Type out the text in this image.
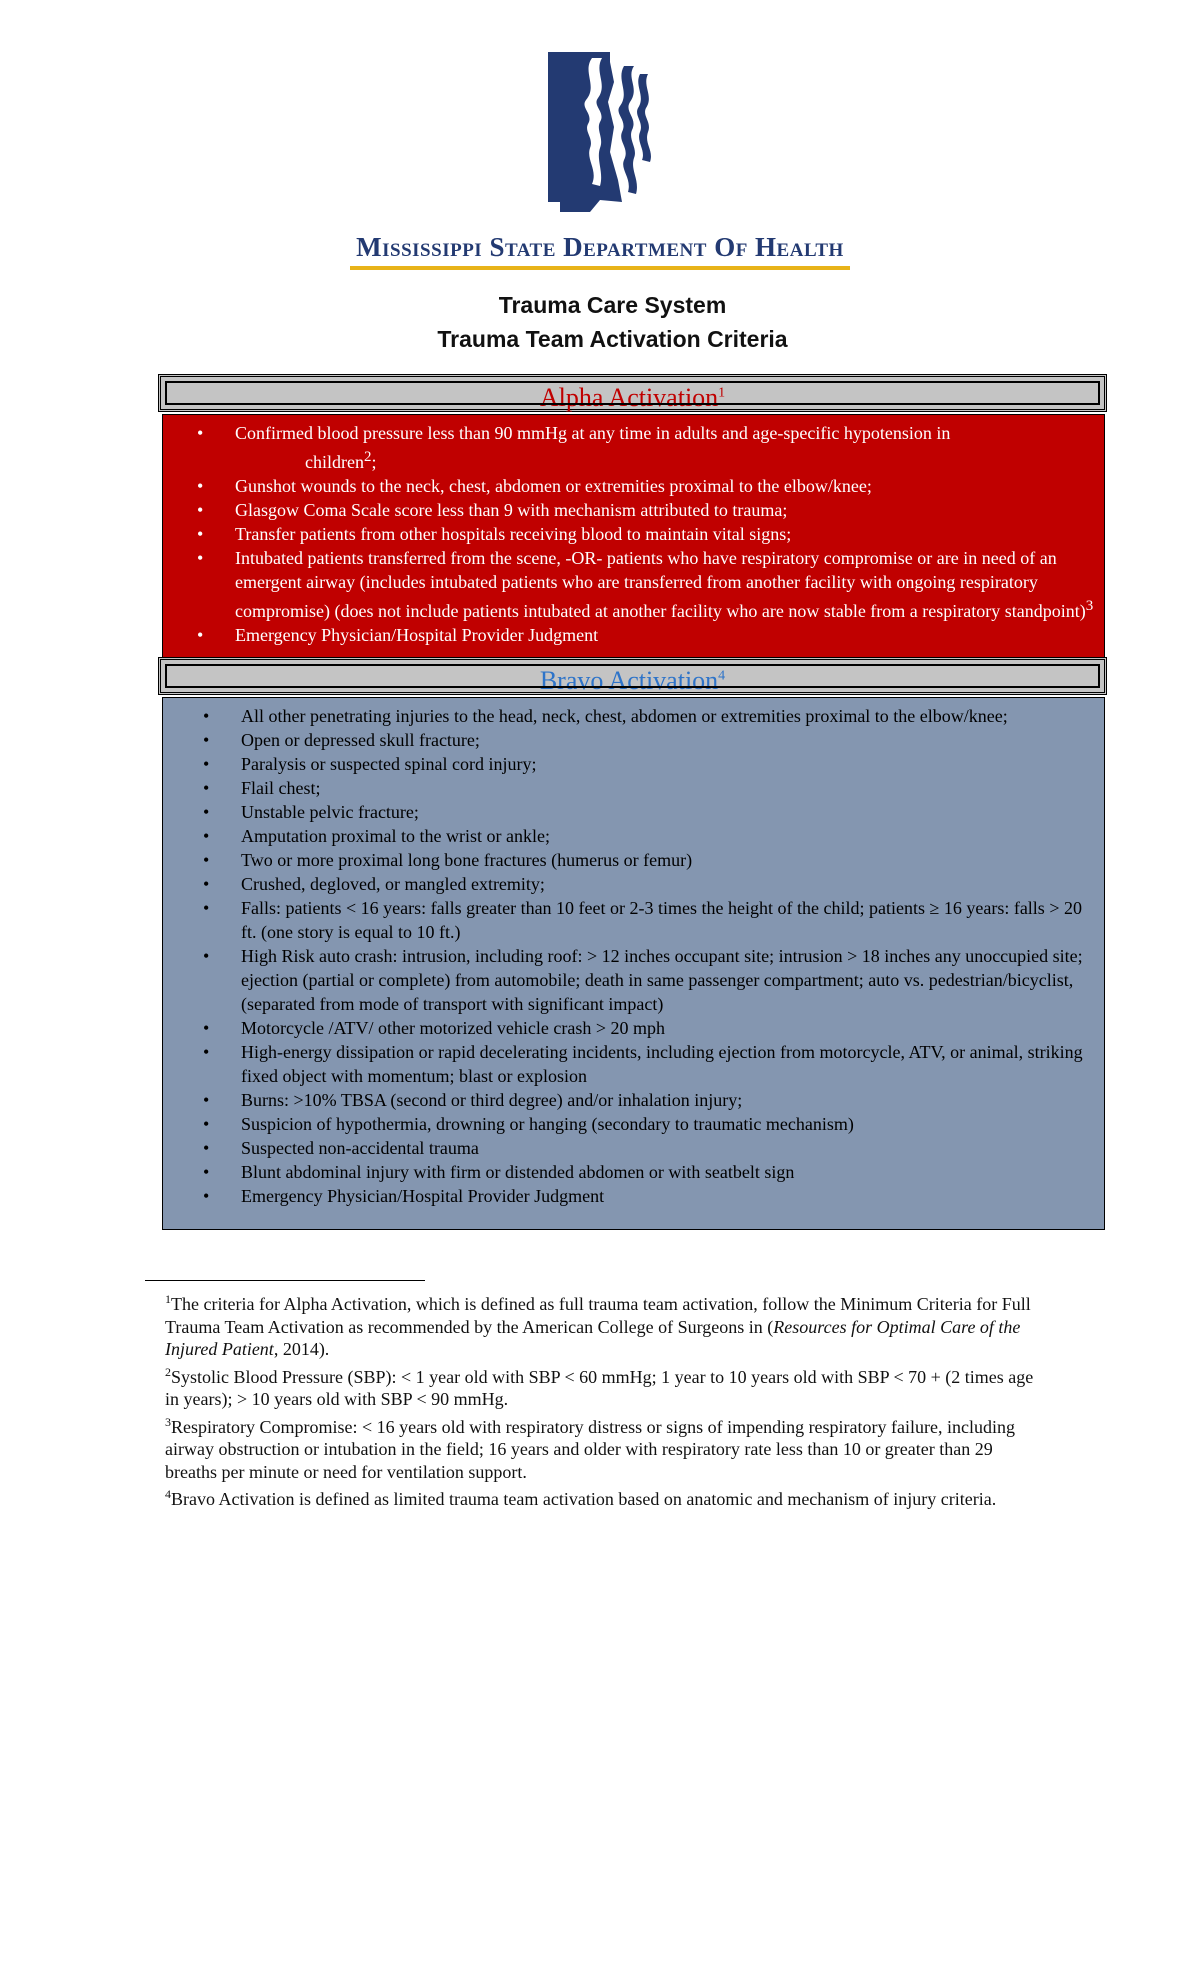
Mississippi State Department Of Health
Trauma Care System
Trauma Team Activation Criteria
Alpha Activation$^1$
• Confirmed blood pressure less than 90 mmHg at any time in adults and age-specific hypotension in
children$^2$;
• Gunshot wounds to the neck, chest, abdomen or extremities proximal to the elbow/knee;
• Glasgow Coma Scale score less than 9 with mechanism attributed to trauma;
• Transfer patients from other hospitals receiving blood to maintain vital signs;
• Intubated patients transferred from the scene, -OR- patients who have respiratory compromise or are in need of an emergent airway (includes intubated patients who are transferred from another facility with ongoing respiratory compromise) (does not include patients intubated at another facility who are now stable from a respiratory standpoint)$^3$
• Emergency Physician/Hospital Provider Judgment
Bravo Activation$^4$
• All other penetrating injuries to the head, neck, chest, abdomen or extremities proximal to the elbow/knee;
• Open or depressed skull fracture;
• Paralysis or suspected spinal cord injury;
• Flail chest;
• Unstable pelvic fracture;
• Amputation proximal to the wrist or ankle;
• Two or more proximal long bone fractures (humerus or femur)
• Crushed, degloved, or mangled extremity;
• Falls: patients < 16 years: falls greater than 10 feet or 2-3 times the height of the child; patients ≥ 16 years: falls > 20 ft. (one story is equal to 10 ft.)
• High Risk auto crash: intrusion, including roof: > 12 inches occupant site; intrusion > 18 inches any unoccupied site; ejection (partial or complete) from automobile; death in same passenger compartment; auto vs. pedestrian/bicyclist, (separated from mode of transport with significant impact)
• Motorcycle /ATV/ other motorized vehicle crash > 20 mph
• High-energy dissipation or rapid decelerating incidents, including ejection from motorcycle, ATV, or animal, striking fixed object with momentum; blast or explosion
• Burns: >10% TBSA (second or third degree) and/or inhalation injury;
• Suspicion of hypothermia, drowning or hanging (secondary to traumatic mechanism)
• Suspected non-accidental trauma
• Blunt abdominal injury with firm or distended abdomen or with seatbelt sign
• Emergency Physician/Hospital Provider Judgment

$^1$The criteria for Alpha Activation, which is defined as full trauma team activation, follow the Minimum Criteria for Full Trauma Team Activation as recommended by the American College of Surgeons in (Resources for Optimal Care of the Injured Patient, 2014).

$^2$Systolic Blood Pressure (SBP): < 1 year old with SBP < 60 mmHg; 1 year to 10 years old with SBP < 70 + (2 times age in years); > 10 years old with SBP < 90 mmHg.

$^3$Respiratory Compromise: < 16 years old with respiratory distress or signs of impending respiratory failure, including airway obstruction or intubation in the field; 16 years and older with respiratory rate less than 10 or greater than 29 breaths per minute or need for ventilation support.

$^4$Bravo Activation is defined as limited trauma team activation based on anatomic and mechanism of injury criteria.
